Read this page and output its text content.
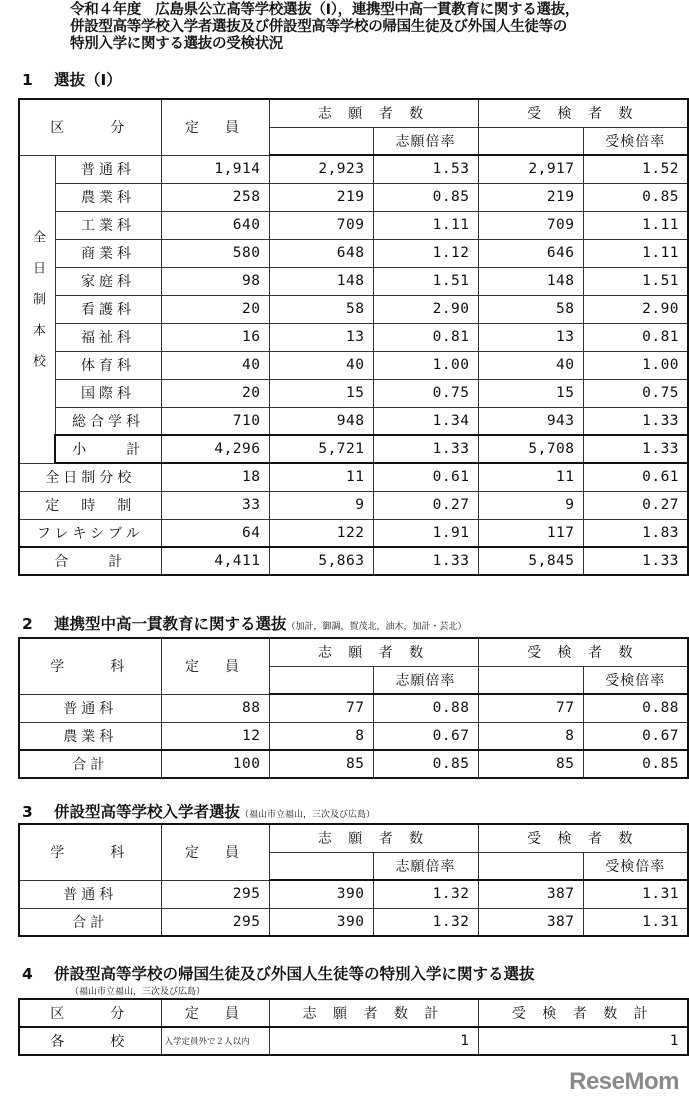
令和４年度　広島県公立高等学校選抜（Ⅰ），連携型中高一貫教育に関する選抜，
併設型高等学校入学者選抜及び併設型高等学校の帰国生徒及び外国人生徒等の
特別入学に関する選抜の受検状況
1 選抜（Ⅰ）
区　　分		定　員	志 願 者 数		受 検 者 数	
				志願倍率		受検倍率
全日制本校	普通科	1,914	2,923	1.53	2,917	1.52
	農業科	258	219	0.85	219	0.85
	工業科	640	709	1.11	709	1.11
	商業科	580	648	1.12	646	1.11
	家庭科	98	148	1.51	148	1.51
	看護科	20	58	2.90	58	2.90
	福祉科	16	13	0.81	13	0.81
	体育科	40	40	1.00	40	1.00
	国際科	20	15	0.75	15	0.75
	総合学科	710	948	1.34	943	1.33
	小　　計	4,296	5,721	1.33	5,708	1.33
全日制分校		18	11	0.61	11	0.61
定　時　制		33	9	0.27	9	0.27
フレキシブル		64	122	1.91	117	1.83
合　　計		4,411	5,863	1.33	5,845	1.33
2 連携型中高一貫教育に関する選抜（加計，御調，賀茂北，油木，加計・芸北）
学　　科	定　員	志 願 者 数		受 検 者 数	
			志願倍率		受検倍率
普通科	88	77	0.88	77	0.88
農業科	12	8	0.67	8	0.67
合計	100	85	0.85	85	0.85
3 併設型高等学校入学者選抜（福山市立福山，三次及び広島）
学　　科	定　員	志 願 者 数		受 検 者 数	
			志願倍率		受検倍率
普通科	295	390	1.32	387	1.31
合計	295	390	1.32	387	1.31
4 併設型高等学校の帰国生徒及び外国人生徒等の特別入学に関する選抜
（福山市立福山，三次及び広島）
区　　分	定　員	志 願 者 数 計	受 検 者 数 計
各　　校	入学定員外で２人以内	1	1
ReseMom
